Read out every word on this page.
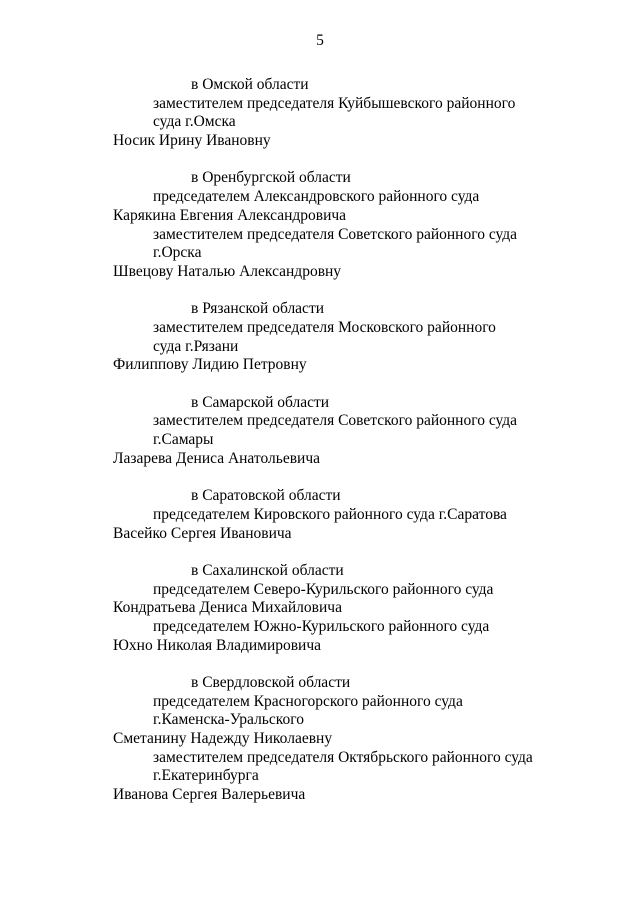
5
в Омской области
заместителем председателя Куйбышевского районного
суда г.Омска
Носик Ирину Ивановну
в Оренбургской области
председателем Александровского районного суда
Карякина Евгения Александровича
заместителем председателя Советского районного суда
г.Орска
Швецову Наталью Александровну
в Рязанской области
заместителем председателя Московского районного
суда г.Рязани
Филиппову Лидию Петровну
в Самарской области
заместителем председателя Советского районного суда
г.Самары
Лазарева Дениса Анатольевича
в Саратовской области
председателем Кировского районного суда г.Саратова
Васейко Сергея Ивановича
в Сахалинской области
председателем Северо-Курильского районного суда
Кондратьева Дениса Михайловича
председателем Южно-Курильского районного суда
Юхно Николая Владимировича
в Свердловской области
председателем Красногорского районного суда
г.Каменска-Уральского
Сметанину Надежду Николаевну
заместителем председателя Октябрьского районного суда
г.Екатеринбурга
Иванова Сергея Валерьевича
